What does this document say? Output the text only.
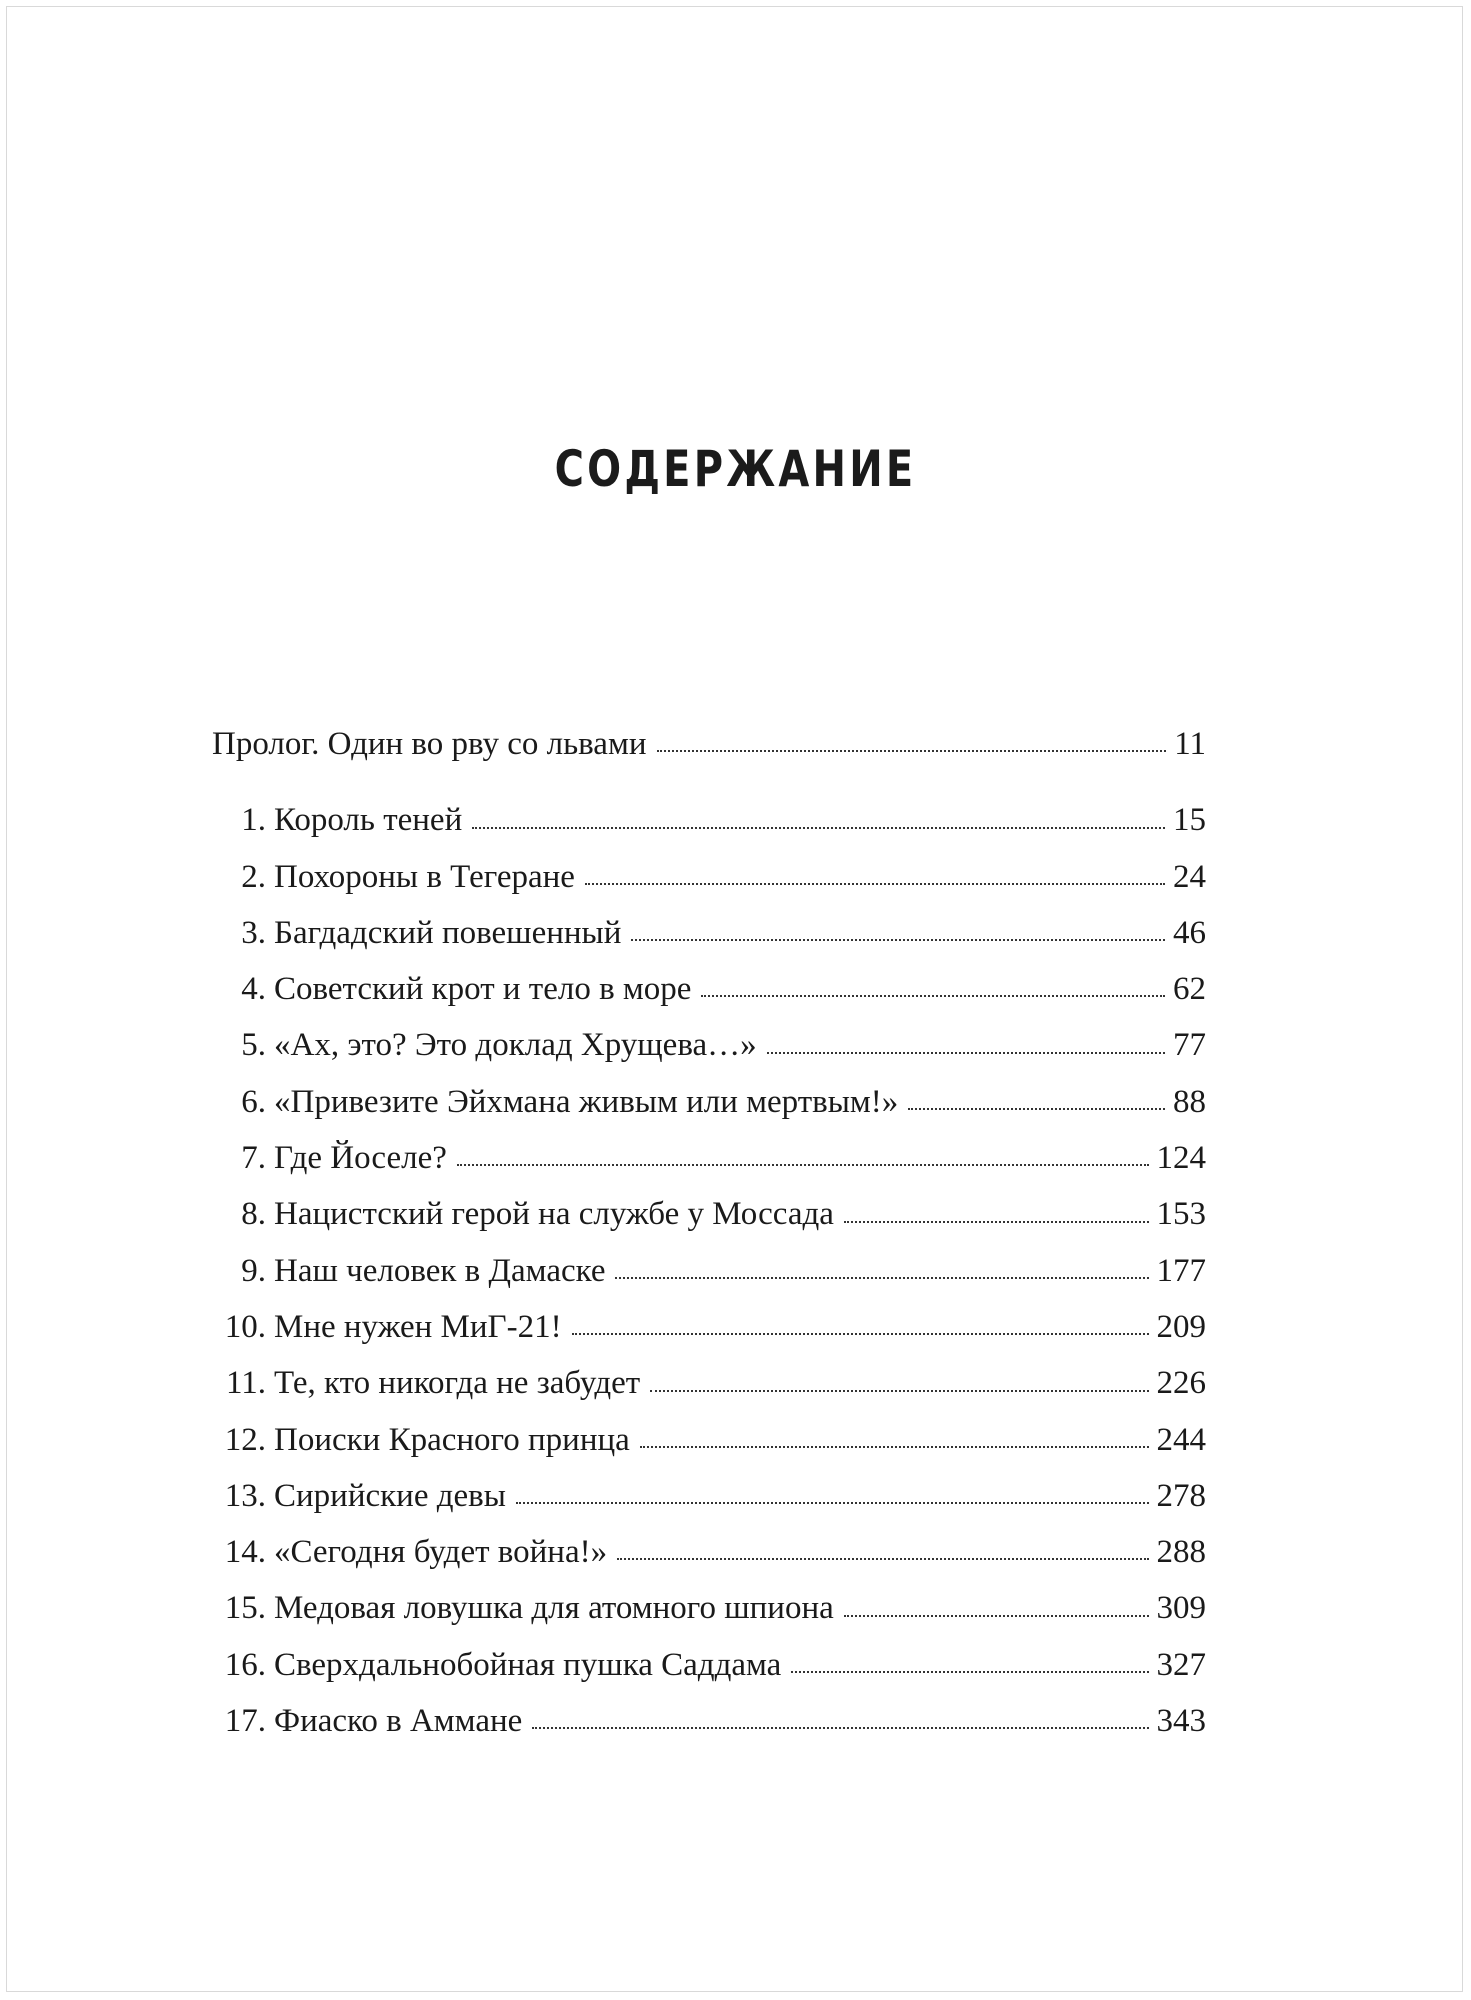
СОДЕРЖАНИЕ
Пролог. Один во рву со львами	11
1. Король теней	15
2. Похороны в Тегеране	24
3. Багдадский повешенный	46
4. Советский крот и тело в море	62
5. «Ах, это? Это доклад Хрущева…»	77
6. «Привезите Эйхмана живым или мертвым!»	88
7. Где Йоселе?	124
8. Нацистский герой на службе у Моссада	153
9. Наш человек в Дамаске	177
10. Мне нужен МиГ-21!	209
11. Те, кто никогда не забудет	226
12. Поиски Красного принца	244
13. Сирийские девы	278
14. «Сегодня будет война!»	288
15. Медовая ловушка для атомного шпиона	309
16. Сверхдальнобойная пушка Саддама	327
17. Фиаско в Аммане	343
